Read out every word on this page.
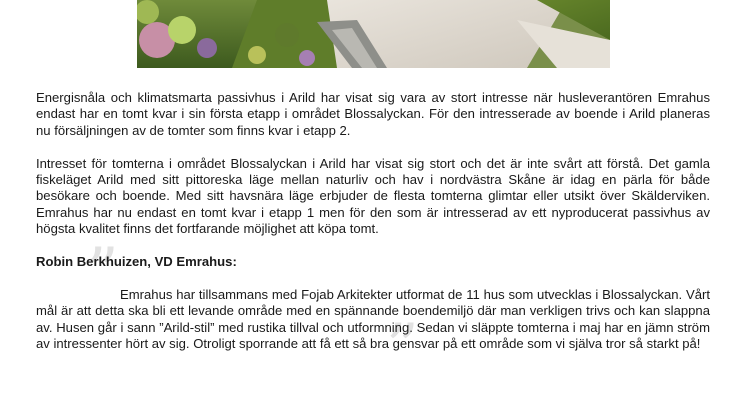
Energisnåla och klimatsmarta passivhus i Arild har visat sig vara av stort intresse när husleverantören Emrahus endast har en tomt kvar i sin första etapp i området Blossalyckan. För den intresserade av boende i Arild planeras nu försäljningen av de tomter som finns kvar i etapp 2.

Intresset för tomterna i området Blossalyckan i Arild har visat sig stort och det är inte svårt att förstå. Det gamla fiskeläget Arild med sitt pittoreska läge mellan naturliv och hav i nordvästra Skåne är idag en pärla för både besökare och boende. Med sitt havsnära läge erbjuder de flesta tomterna glimtar eller utsikt över Skälderviken. Emrahus har nu endast en tomt kvar i etapp 1 men för den som är intresserad av ett nyproducerat passivhus av högsta kvalitet finns det fortfarande möjlighet att köpa tomt.

”
”

Robin Berkhuizen, VD Emrahus:

Emrahus har tillsammans med Fojab Arkitekter utformat de 11 hus som utvecklas i Blossalyckan. Vårt mål är att detta ska bli ett levande område med en spännande boendemiljö där man verkligen trivs och kan slappna av. Husen går i sann ”Arild-stil” med rustika tillval och utformning. Sedan vi släppte tomterna i maj har en jämn ström av intressenter hört av sig. Otroligt sporrande att få ett så bra gensvar på ett område som vi själva tror så starkt på!
